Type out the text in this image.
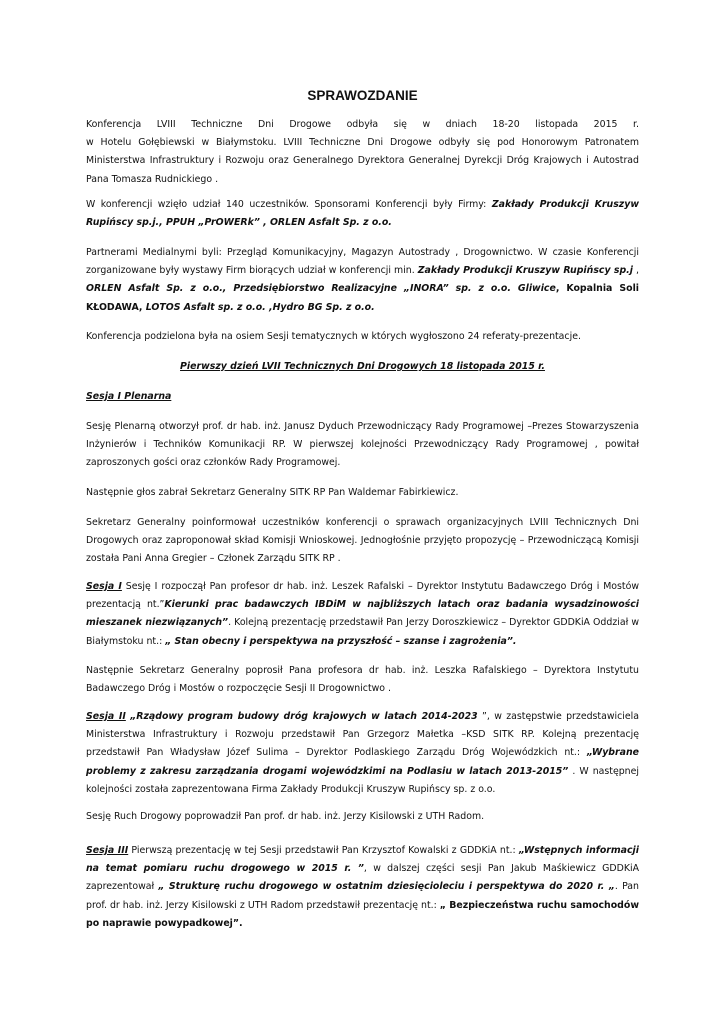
SPRAWOZDANIE

Konferencja LVIII Techniczne Dni Drogowe odbyła się w dniach 18-20 listopada 2015 r.
w Hotelu Gołębiewski w Białymstoku. LVIII Techniczne Dni Drogowe odbyły się pod Honorowym Patronatem Ministerstwa Infrastruktury i Rozwoju oraz Generalnego Dyrektora Generalnej Dyrekcji Dróg Krajowych i Autostrad Pana Tomasza Rudnickiego .

W konferencji wzięło udział 140 uczestników. Sponsorami Konferencji były Firmy: Zakłady Produkcji Kruszyw Rupińscy sp.j., PPUH „PrOWERk” , ORLEN Asfalt Sp. z o.o.

Partnerami Medialnymi byli: Przegląd Komunikacyjny, Magazyn Autostrady , Drogownictwo. W czasie Konferencji zorganizowane były wystawy Firm biorących udział w konferencji min. Zakłady Produkcji Kruszyw Rupińscy sp.j , ORLEN Asfalt Sp. z o.o., Przedsiębiorstwo Realizacyjne „INORA” sp. z o.o. Gliwice, Kopalnia Soli KŁODAWA, LOTOS Asfalt sp. z o.o. ,Hydro BG Sp. z o.o.

Konferencja podzielona była na osiem Sesji tematycznych w których wygłoszono 24 referaty-prezentacje.

Pierwszy dzień LVII Technicznych Dni Drogowych 18 listopada 2015 r.

Sesja I Plenarna

Sesję Plenarną otworzył prof. dr hab. inż. Janusz Dyduch Przewodniczący Rady Programowej –Prezes Stowarzyszenia Inżynierów i Techników Komunikacji RP. W pierwszej kolejności Przewodniczący Rady Programowej , powitał zaproszonych gości oraz członków Rady Programowej.

Następnie głos zabrał Sekretarz Generalny SITK RP Pan Waldemar Fabirkiewicz.

Sekretarz Generalny poinformował uczestników konferencji o sprawach organizacyjnych LVIII Technicznych Dni Drogowych oraz zaproponował skład Komisji Wnioskowej. Jednogłośnie przyjęto propozycję – Przewodniczącą Komisji została Pani Anna Gregier – Członek Zarządu SITK RP .

Sesja I Sesję I rozpoczął Pan profesor dr hab. inż. Leszek Rafalski – Dyrektor Instytutu Badawczego Dróg i Mostów prezentacją nt.”Kierunki prac badawczych IBDiM w najbliższych latach oraz badania wysadzinowości mieszanek niezwiązanych”. Kolejną prezentację przedstawił Pan Jerzy Doroszkiewicz – Dyrektor GDDKiA Oddział w Białymstoku nt.: „ Stan obecny i perspektywa na przyszłość – szanse i zagrożenia”.

Następnie Sekretarz Generalny poprosił Pana profesora dr hab. inż. Leszka Rafalskiego – Dyrektora Instytutu Badawczego Dróg i Mostów o rozpoczęcie Sesji II Drogownictwo .

Sesja II „Rządowy program budowy dróg krajowych w latach 2014-2023 ”, w zastępstwie przedstawiciela Ministerstwa Infrastruktury i Rozwoju przedstawił Pan Grzegorz Małetka –KSD SITK RP. Kolejną prezentację przedstawił Pan Władysław Józef Sulima – Dyrektor Podlaskiego Zarządu Dróg Wojewódzkich nt.: „Wybrane problemy z zakresu zarządzania drogami wojewódzkimi na Podlasiu w latach 2013-2015” . W następnej kolejności została zaprezentowana Firma Zakłady Produkcji Kruszyw Rupińscy sp. z o.o.

Sesję Ruch Drogowy poprowadził Pan prof. dr hab. inż. Jerzy Kisilowski z UTH Radom.

Sesja III Pierwszą prezentację w tej Sesji przedstawił Pan Krzysztof Kowalski z GDDKiA nt.: „Wstępnych informacji na temat pomiaru ruchu drogowego w 2015 r. ”, w dalszej części sesji Pan Jakub Maśkiewicz GDDKiA zaprezentował „ Strukturę ruchu drogowego w ostatnim dziesięcioleciu i perspektywa do 2020 r. „. Pan prof. dr hab. inż. Jerzy Kisilowski z UTH Radom przedstawił prezentację nt.: „ Bezpieczeństwa ruchu samochodów po naprawie powypadkowej”.
